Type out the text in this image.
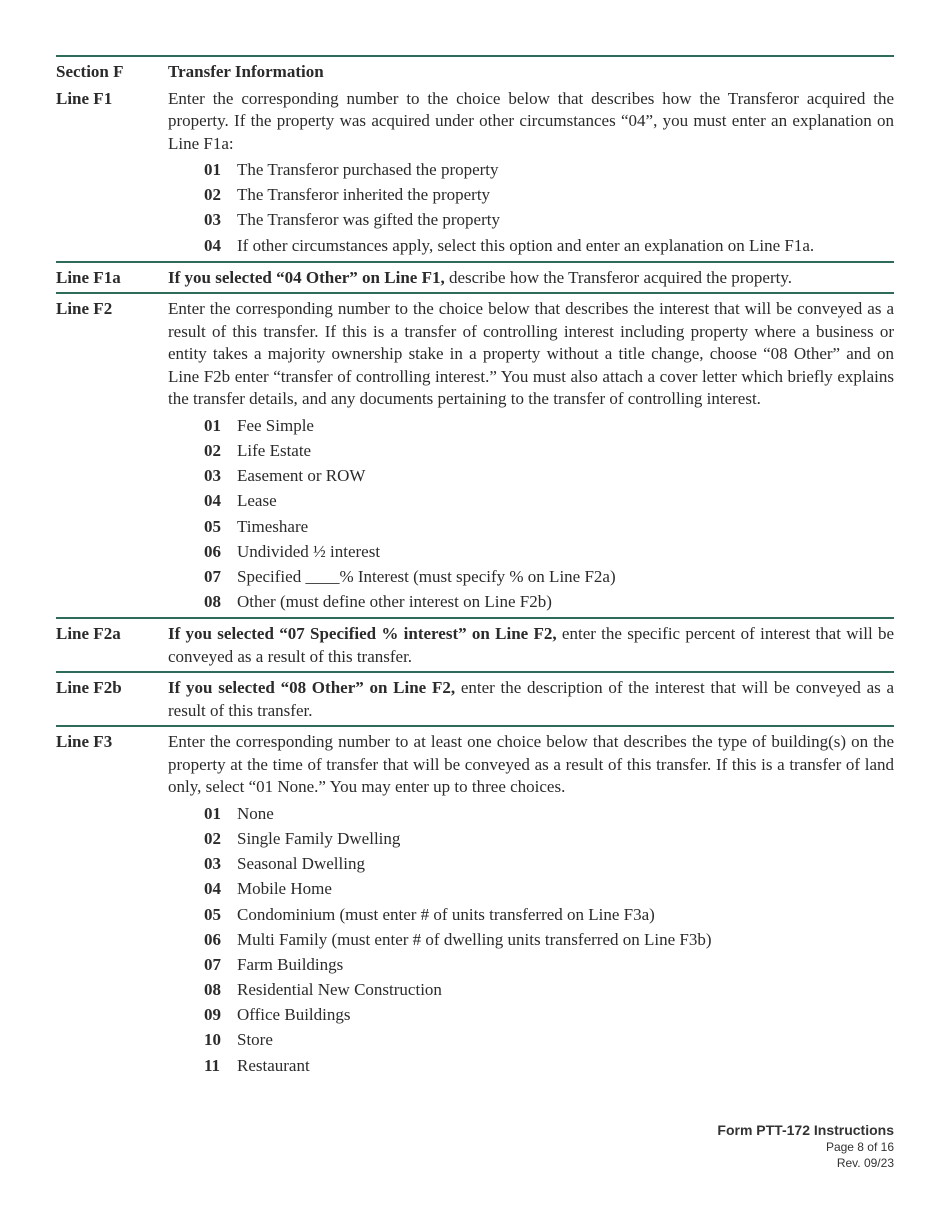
Section F	Transfer Information
Line F1	Enter the corresponding number to the choice below that describes how the Transferor acquired the property. If the property was acquired under other circumstances “04”, you must enter an explanation on Line F1a:
01 The Transferor purchased the property
02 The Transferor inherited the property
03 The Transferor was gifted the property
04 If other circumstances apply, select this option and enter an explanation on Line F1a.
Line F1a	If you selected “04 Other” on Line F1, describe how the Transferor acquired the property.
Line F2	Enter the corresponding number to the choice below that describes the interest that will be conveyed as a result of this transfer. If this is a transfer of controlling interest including property where a business or entity takes a majority ownership stake in a property without a title change, choose “08 Other” and on Line F2b enter “transfer of controlling interest.” You must also attach a cover letter which briefly explains the transfer details, and any documents pertaining to the transfer of controlling interest.
01 Fee Simple
02 Life Estate
03 Easement or ROW
04 Lease
05 Timeshare
06 Undivided ½ interest
07 Specified ____% Interest (must specify % on Line F2a)
08 Other (must define other interest on Line F2b)
Line F2a	If you selected “07 Specified % interest” on Line F2, enter the specific percent of interest that will be conveyed as a result of this transfer.
Line F2b	If you selected “08 Other” on Line F2, enter the description of the interest that will be conveyed as a result of this transfer.
Line F3	Enter the corresponding number to at least one choice below that describes the type of building(s) on the property at the time of transfer that will be conveyed as a result of this transfer. If this is a transfer of land only, select “01 None.” You may enter up to three choices.
01 None
02 Single Family Dwelling
03 Seasonal Dwelling
04 Mobile Home
05 Condominium (must enter # of units transferred on Line F3a)
06 Multi Family (must enter # of dwelling units transferred on Line F3b)
07 Farm Buildings
08 Residential New Construction
09 Office Buildings
10 Store
11 Restaurant
Form PTT-172 Instructions
Page 8 of 16
Rev. 09/23
